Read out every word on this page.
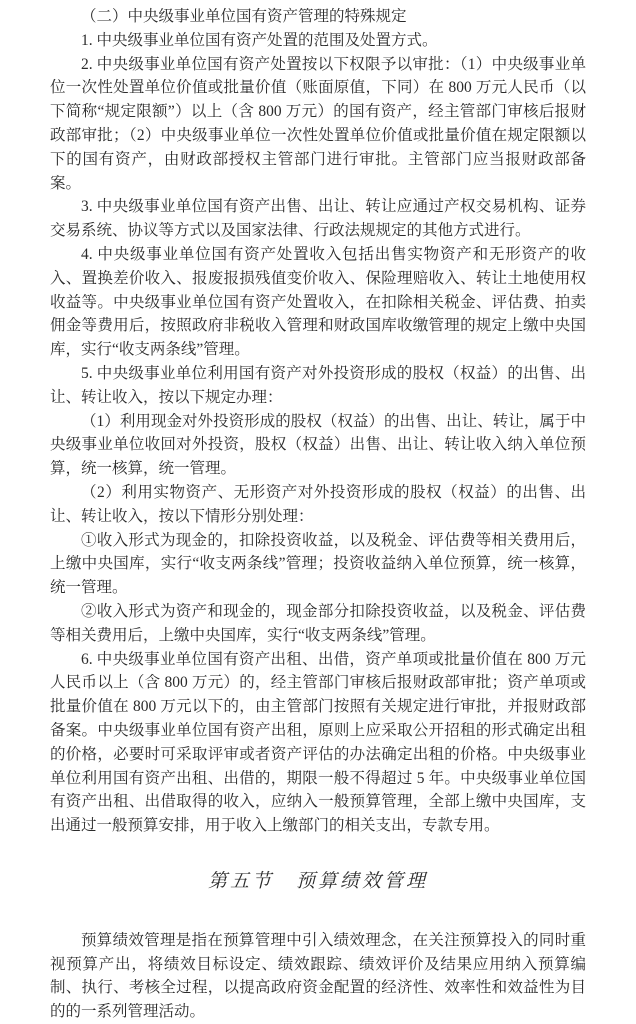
（二）中央级事业单位国有资产管理的特殊规定

1. 中央级事业单位国有资产处置的范围及处置方式。

2. 中央级事业单位国有资产处置按以下权限予以审批：（1）中央级事业单位一次性处置单位价值或批量价值（账面原值，下同）在 800 万元人民币（以下简称“规定限额”）以上（含 800 万元）的国有资产，经主管部门审核后报财政部审批；（2）中央级事业单位一次性处置单位价值或批量价值在规定限额以下的国有资产，由财政部授权主管部门进行审批。主管部门应当报财政部备案。

3. 中央级事业单位国有资产出售、出让、转让应通过产权交易机构、证券交易系统、协议等方式以及国家法律、行政法规规定的其他方式进行。

4. 中央级事业单位国有资产处置收入包括出售实物资产和无形资产的收入、置换差价收入、报废报损残值变价收入、保险理赔收入、转让土地使用权收益等。中央级事业单位国有资产处置收入，在扣除相关税金、评估费、拍卖佣金等费用后，按照政府非税收入管理和财政国库收缴管理的规定上缴中央国库，实行“收支两条线”管理。

5. 中央级事业单位利用国有资产对外投资形成的股权（权益）的出售、出让、转让收入，按以下规定办理：

（1）利用现金对外投资形成的股权（权益）的出售、出让、转让，属于中央级事业单位收回对外投资，股权（权益）出售、出让、转让收入纳入单位预算，统一核算，统一管理。

（2）利用实物资产、无形资产对外投资形成的股权（权益）的出售、出让、转让收入，按以下情形分别处理：

①收入形式为现金的，扣除投资收益，以及税金、评估费等相关费用后，上缴中央国库，实行“收支两条线”管理；投资收益纳入单位预算，统一核算，统一管理。

②收入形式为资产和现金的，现金部分扣除投资收益，以及税金、评估费等相关费用后，上缴中央国库，实行“收支两条线”管理。

6. 中央级事业单位国有资产出租、出借，资产单项或批量价值在 800 万元人民币以上（含 800 万元）的，经主管部门审核后报财政部审批；资产单项或批量价值在 800 万元以下的，由主管部门按照有关规定进行审批，并报财政部备案。中央级事业单位国有资产出租，原则上应采取公开招租的形式确定出租的价格，必要时可采取评审或者资产评估的办法确定出租的价格。中央级事业单位利用国有资产出租、出借的，期限一般不得超过 5 年。中央级事业单位国有资产出租、出借取得的收入，应纳入一般预算管理，全部上缴中央国库，支出通过一般预算安排，用于收入上缴部门的相关支出，专款专用。

第五节　预算绩效管理

预算绩效管理是指在预算管理中引入绩效理念，在关注预算投入的同时重视预算产出，将绩效目标设定、绩效跟踪、绩效评价及结果应用纳入预算编制、执行、考核全过程，以提高政府资金配置的经济性、效率性和效益性为目的的一系列管理活动。
